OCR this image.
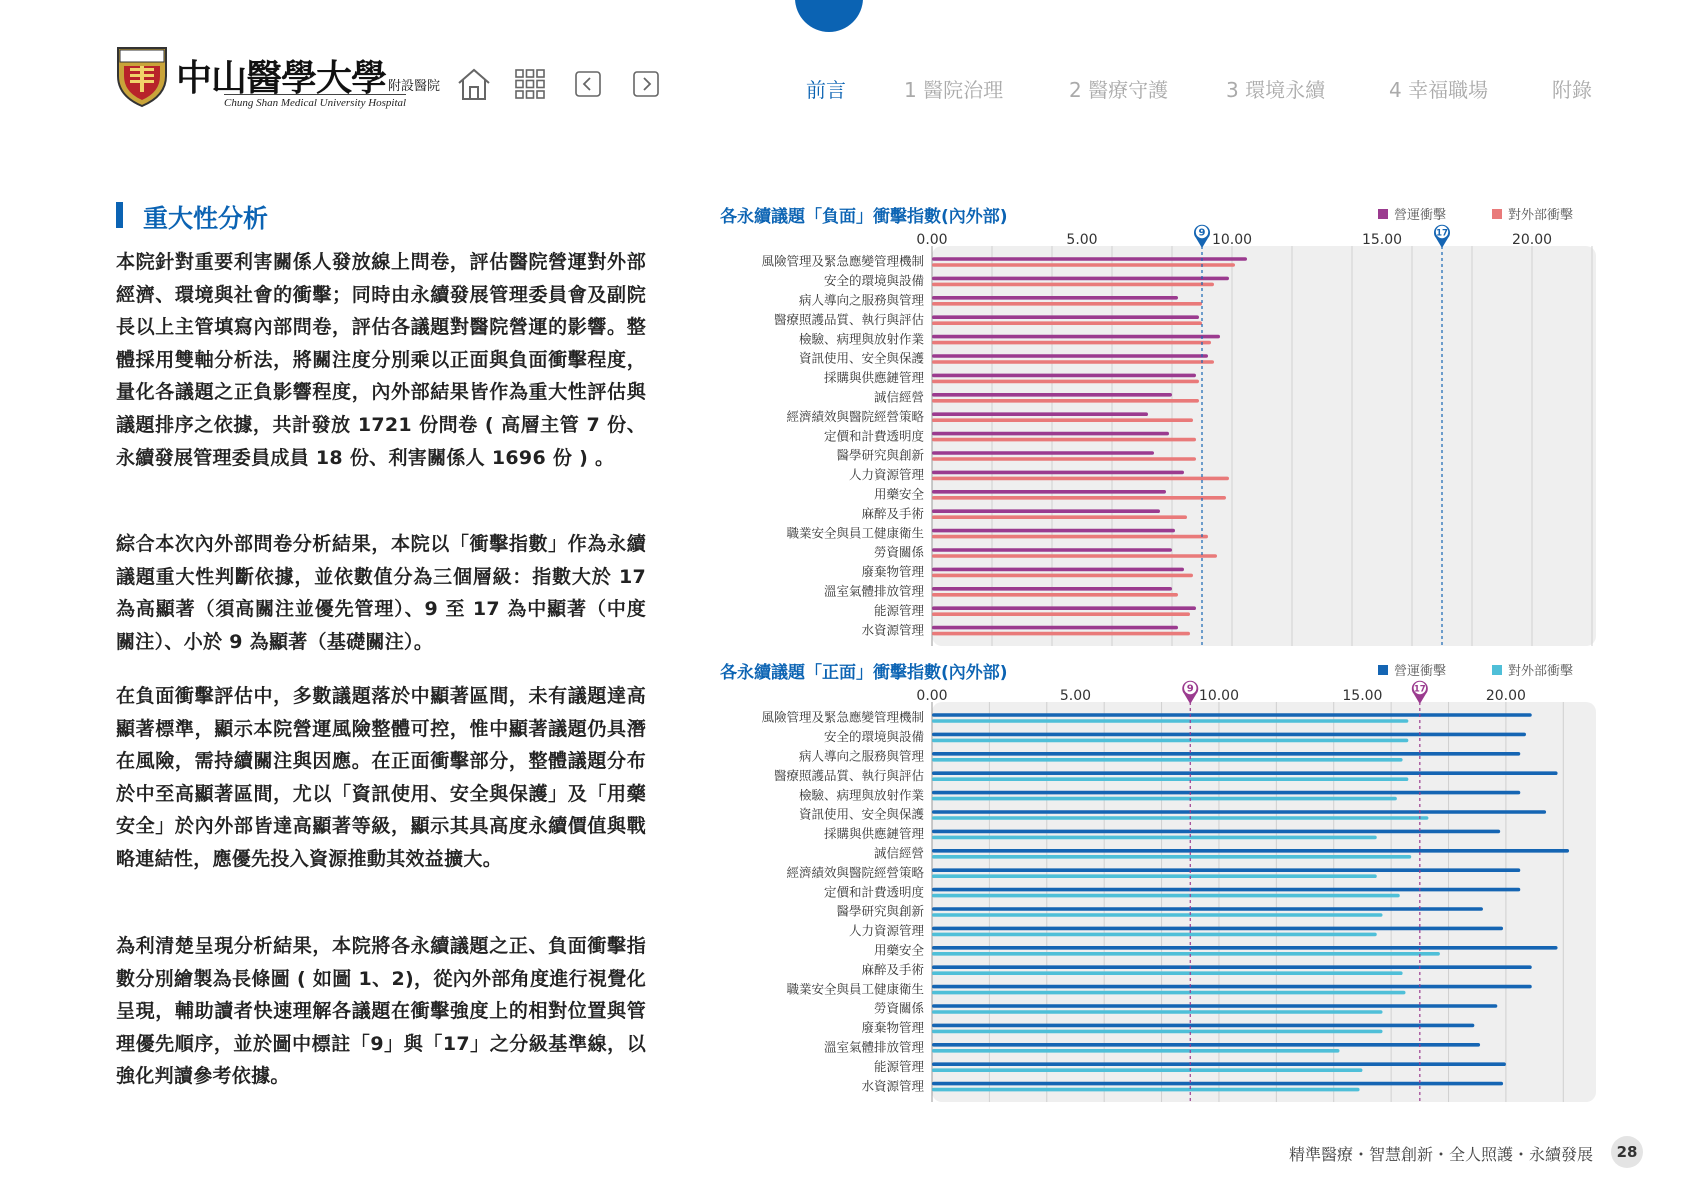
中山醫學大學 附設醫院
Chung Shan Medical University Hospital
前言	1 醫院治理	2 醫療守護	3 環境永續	4 幸福職場	附錄
重大性分析
本院針對重要利害關係人發放線上問卷，評估醫院營運對外部經濟、環境與社會的衝擊；同時由永續發展管理委員會及副院長以上主管填寫內部問卷，評估各議題對醫院營運的影響。整體採用雙軸分析法，將關注度分別乘以正面與負面衝擊程度，量化各議題之正負影響程度，內外部結果皆作為重大性評估與議題排序之依據，共計發放 1721 份問卷 ( 高層主管 7 份、永續發展管理委員成員 18 份、利害關係人 1696 份 ) 。
綜合本次內外部問卷分析結果，本院以「衝擊指數」作為永續議題重大性判斷依據，並依數值分為三個層級：指數大於 17 為高顯著（須高關注並優先管理）、9 至 17 為中顯著（中度關注）、小於 9 為顯著（基礎關注）。
在負面衝擊評估中，多數議題落於中顯著區間，未有議題達高顯著標準，顯示本院營運風險整體可控，惟中顯著議題仍具潛在風險，需持續關注與因應。在正面衝擊部分，整體議題分布於中至高顯著區間，尤以「資訊使用、安全與保護」及「用藥安全」於內外部皆達高顯著等級，顯示其具高度永續價值與戰略連結性，應優先投入資源推動其效益擴大。
為利清楚呈現分析結果，本院將各永續議題之正、負面衝擊指數分別繪製為長條圖 ( 如圖 1、2)，從內外部角度進行視覺化呈現，輔助讀者快速理解各議題在衝擊強度上的相對位置與管理優先順序，並於圖中標註「9」與「17」之分級基準線，以強化判讀參考依據。
各永續議題「負面」衝擊指數(內外部)	營運衝擊	對外部衝擊
0.00	5.00	10.00	15.00	20.00
風險管理及緊急應變管理機制
安全的環境與設備
病人導向之服務與管理
醫療照護品質、執行與評估
檢驗、病理與放射作業
資訊使用、安全與保護
採購與供應鏈管理
誠信經營
經濟績效與醫院經營策略
定價和計費透明度
醫學研究與創新
人力資源管理
用藥安全
麻醉及手術
職業安全與員工健康衛生
勞資關係
廢棄物管理
溫室氣體排放管理
能源管理
水資源管理
9	17
各永續議題「正面」衝擊指數(內外部)	營運衝擊	對外部衝擊
0.00	5.00	10.00	15.00	20.00
風險管理及緊急應變管理機制
安全的環境與設備
病人導向之服務與管理
醫療照護品質、執行與評估
檢驗、病理與放射作業
資訊使用、安全與保護
採購與供應鏈管理
誠信經營
經濟績效與醫院經營策略
定價和計費透明度
醫學研究與創新
人力資源管理
用藥安全
麻醉及手術
職業安全與員工健康衛生
勞資關係
廢棄物管理
溫室氣體排放管理
能源管理
水資源管理
9	17
精準醫療・智慧創新・全人照護・永續發展	28
